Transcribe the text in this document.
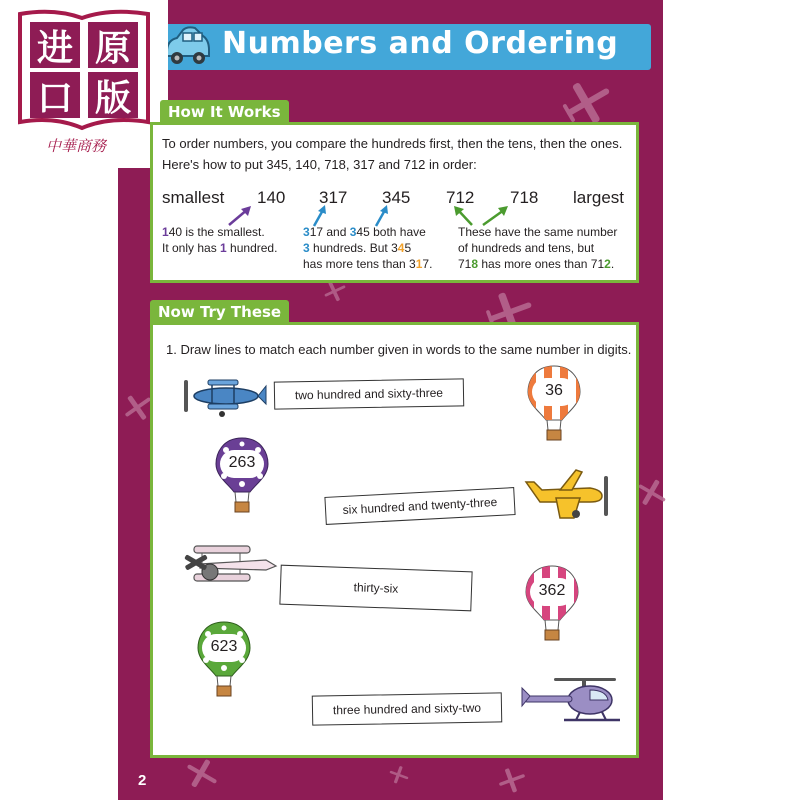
Numbers and Ordering
进 原
口 版
中華商務
How It Works
To order numbers, you compare the hundreds first, then the tens, then the ones.
Here's how to put 345, 140, 718, 317 and 712 in order:
smallest 140 317 345 712 718 largest
140 is the smallest.
It only has 1 hundred.
317 and 345 both have
3 hundreds. But 345
has more tens than 317.
These have the same number
of hundreds and tens, but
718 has more ones than 712.
Now Try These
1. Draw lines to match each number given in words to the same number in digits.
two hundred and sixty-three
six hundred and twenty-three
thirty-six
three hundred and sixty-two
36
263
362
623
2
